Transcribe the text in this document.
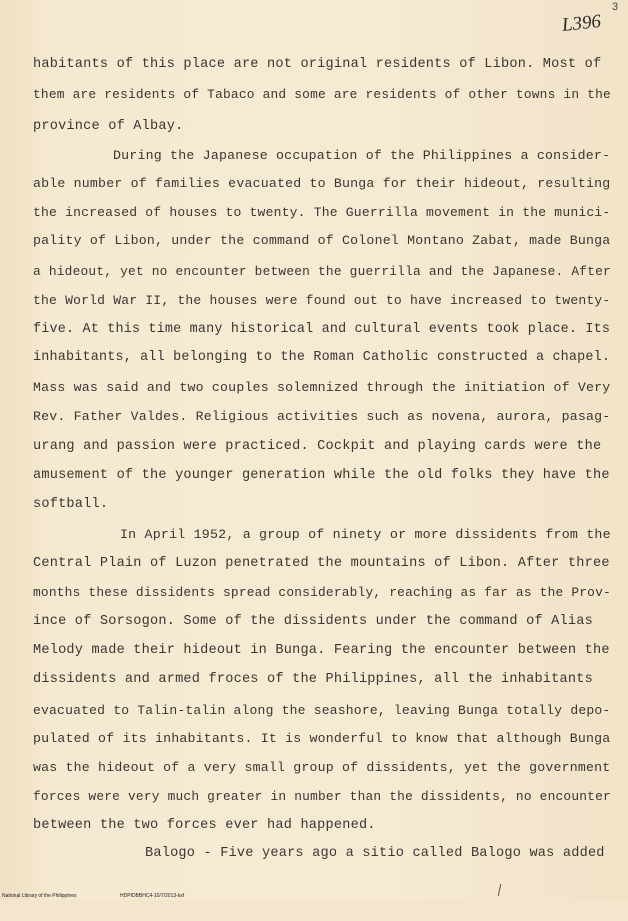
3
L396
habitants of this place are not original residents of Libon. Most of
them are residents of Tabaco and some are residents of other towns in the
province of Albay.
During the Japanese occupation of the Philippines a consider-
able number of families evacuated to Bunga for their hideout, resulting
the increased of houses to twenty. The Guerrilla movement in the munici-
pality of Libon, under the command of Colonel Montano Zabat, made Bunga
a hideout, yet no encounter between the guerrilla and the Japanese. After
the World War II, the houses were found out to have increased to twenty-
five. At this time many historical and cultural events took place. Its
inhabitants, all belonging to the Roman Catholic constructed a chapel.
Mass was said and two couples solemnized through the initiation of Very
Rev. Father Valdes. Religious activities such as novena, aurora, pasag-
urang and passion were practiced. Cockpit and playing cards were the
amusement of the younger generation while the old folks they have the
softball.
In April 1952, a group of ninety or more dissidents from the
Central Plain of Luzon penetrated the mountains of Libon. After three
months these dissidents spread considerably, reaching as far as the Prov-
ince of Sorsogon. Some of the dissidents under the command of Alias
Melody made their hideout in Bunga. Fearing the encounter between the
dissidents and armed froces of the Philippines, all the inhabitants
evacuated to Talin-talin along the seashore, leaving Bunga totally depo-
pulated of its inhabitants. It is wonderful to know that although Bunga
was the hideout of a very small group of dissidents, yet the government
forces were very much greater in number than the dissidents, no encounter
between the two forces ever had happened.
Balogo - Five years ago a sitio called Balogo was added

National Library of the Philippines

	HDPIDBBHC4-10/7/2013-kxf
